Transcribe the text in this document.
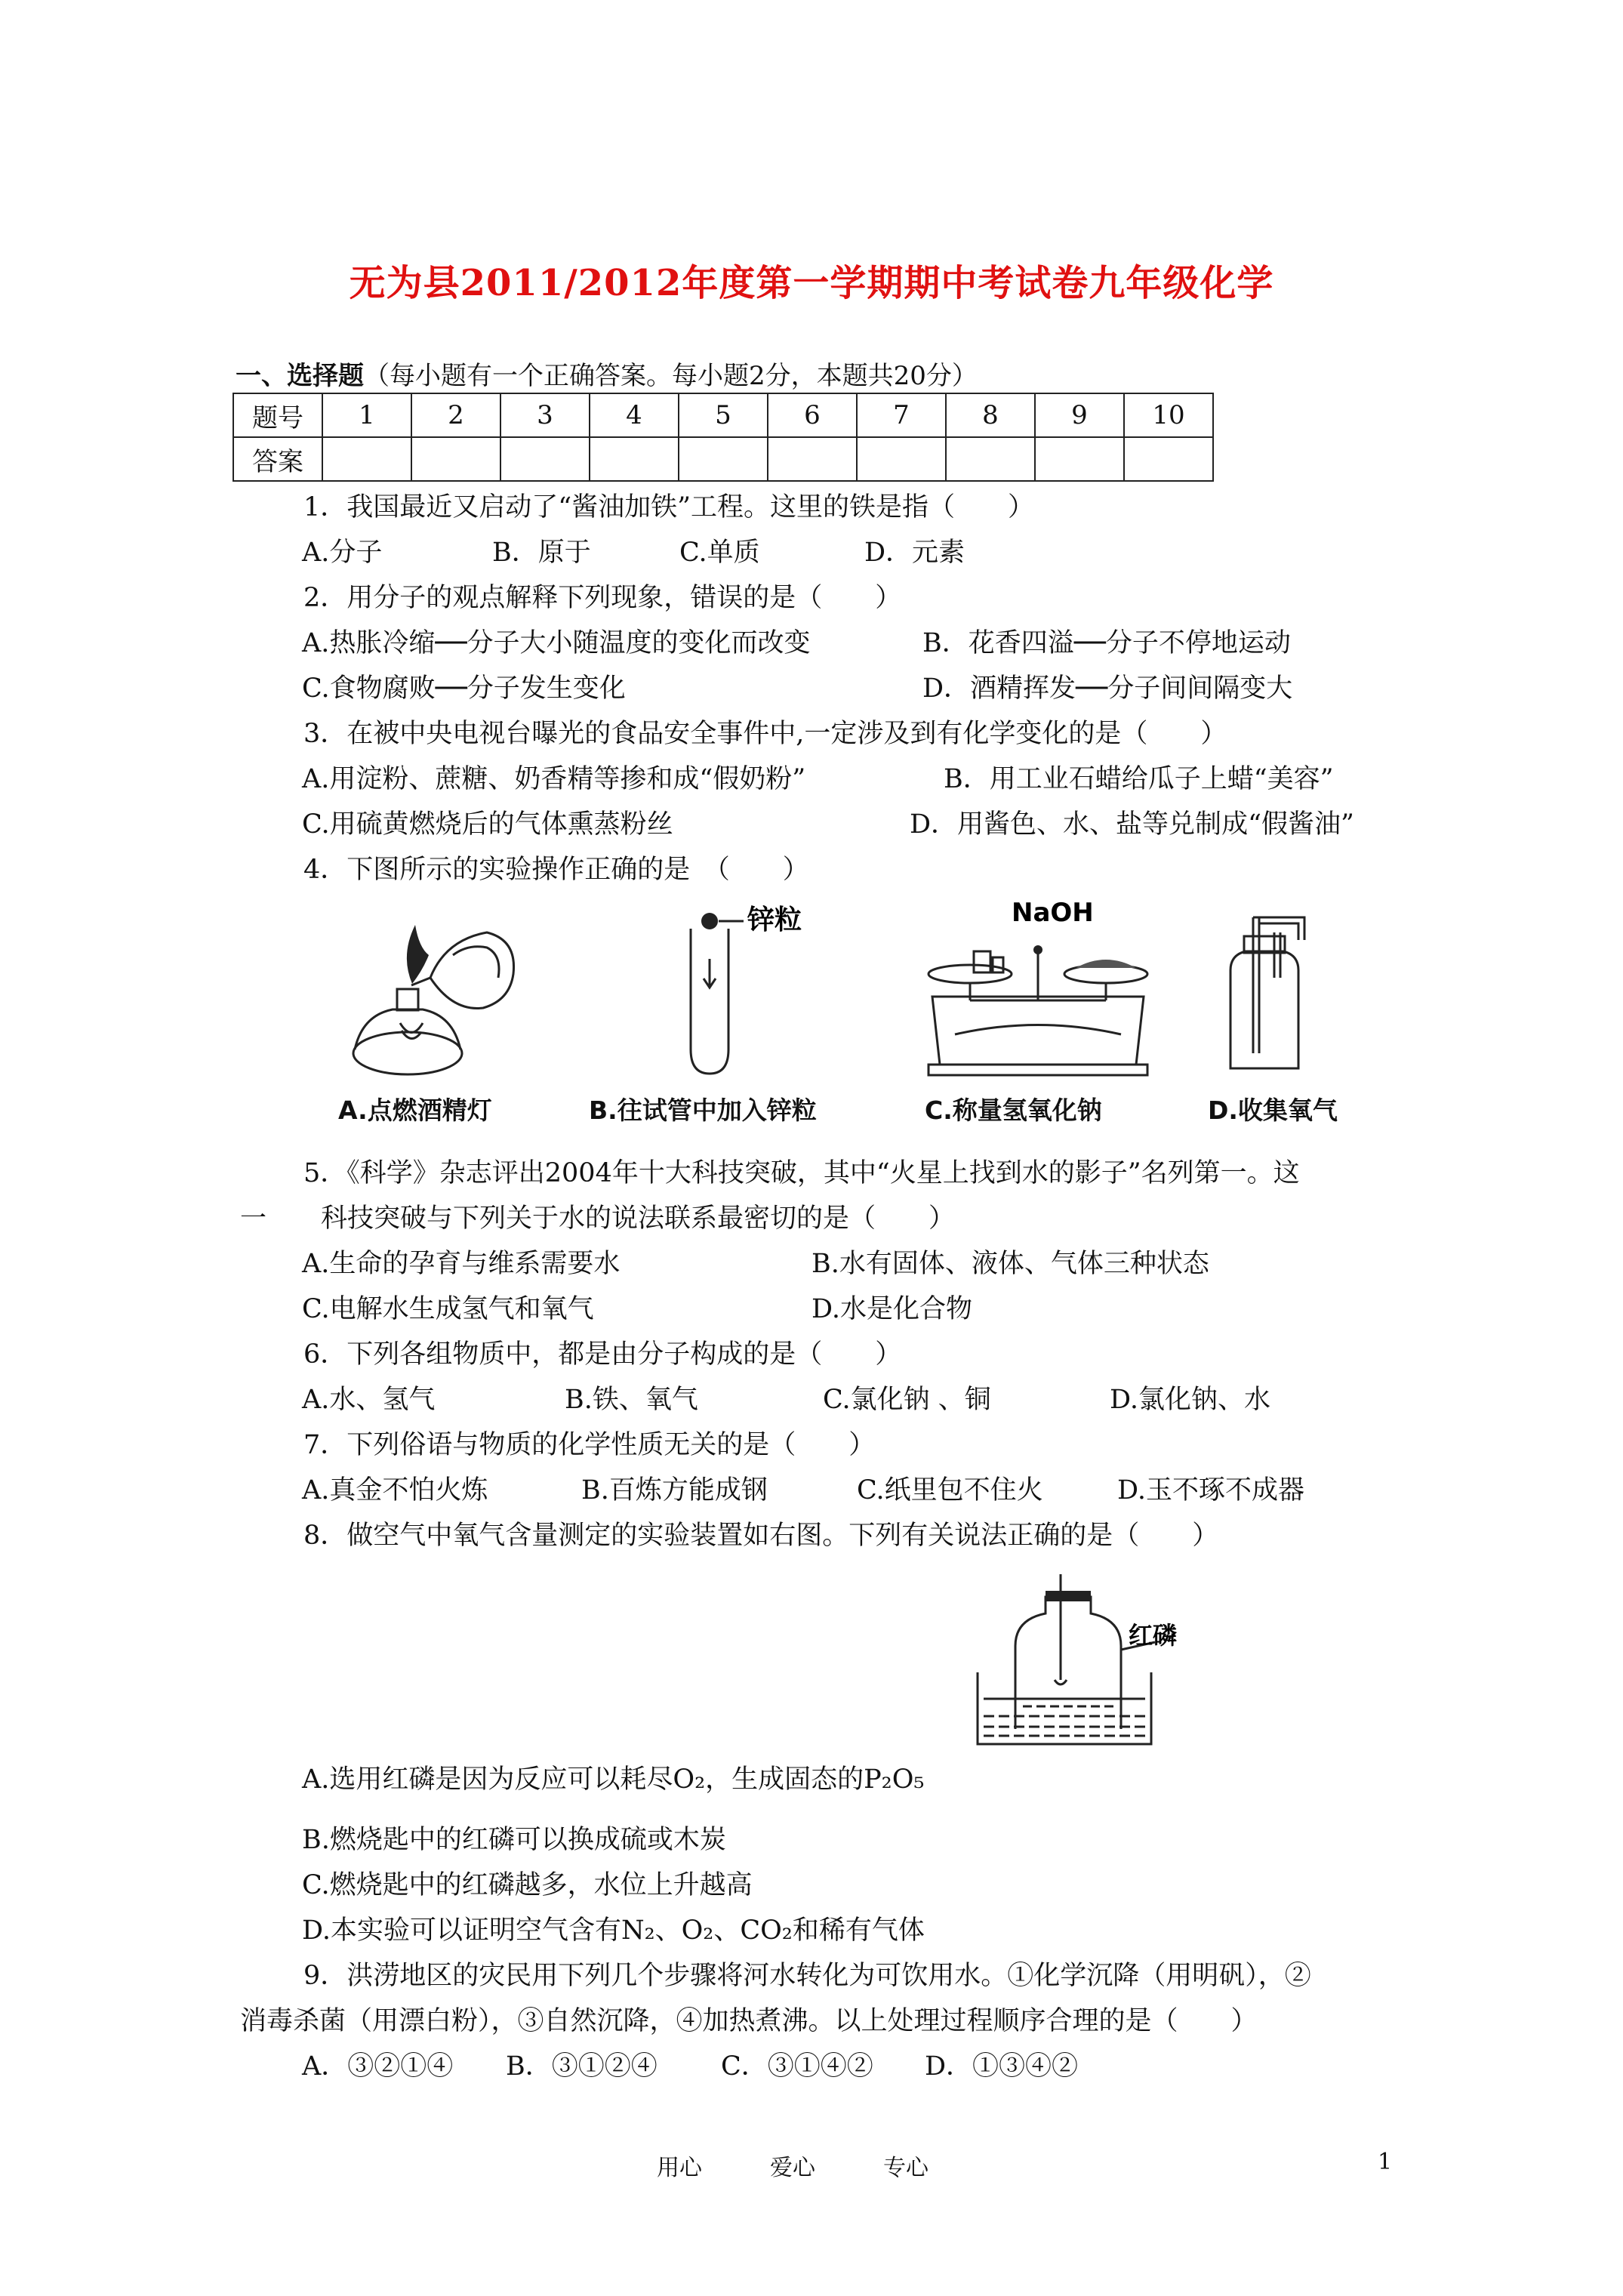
无为县2011/2012年度第一学期期中考试卷九年级化学
一、选择题（每小题有一个正确答案。每小题2分，本题共20分）
题号	1	2	3	4	5	6	7	8	9	10
答案										
1．我国最近又启动了“酱油加铁”工程。这里的铁是指（　　）
A.分子	B．原于	C.单质	D．元素
2．用分子的观点解释下列现象，错误的是（　　）
A.热胀冷缩──分子大小随温度的变化而改变	B．花香四溢──分子不停地运动
C.食物腐败──分子发生变化	D．酒精挥发──分子间间隔变大
3．在被中央电视台曝光的食品安全事件中,一定涉及到有化学变化的是（　　）
A.用淀粉、蔗糖、奶香精等掺和成“假奶粉”	B．用工业石蜡给瓜子上蜡“美容”
C.用硫黄燃烧后的气体熏蒸粉丝	D．用酱色、水、盐等兑制成“假酱油”
4．下图所示的实验操作正确的是　（　　）
锌粒	NaOH
A.点燃酒精灯	B.往试管中加入锌粒	C.称量氢氧化钠	D.收集氧气
5．《科学》杂志评出2004年十大科技突破，其中“火星上找到水的影子”名列第一。这
一 科技突破与下列关于水的说法联系最密切的是（　　）
A.生命的孕育与维系需要水	B.水有固体、液体、气体三种状态
C.电解水生成氢气和氧气	D.水是化合物
6．下列各组物质中，都是由分子构成的是（　　）
A.水、氢气	B.铁、氧气	C.氯化钠 、铜	D.氯化钠、水
7．下列俗语与物质的化学性质无关的是（　　）
A.真金不怕火炼	B.百炼方能成钢	C.纸里包不住火	D.玉不琢不成器
8．做空气中氧气含量测定的实验装置如右图。下列有关说法正确的是（　　）
红磷
A.选用红磷是因为反应可以耗尽O₂，生成固态的P₂O₅
B.燃烧匙中的红磷可以换成硫或木炭
C.燃烧匙中的红磷越多，水位上升越高
D.本实验可以证明空气含有N₂、O₂、CO₂和稀有气体
9．洪涝地区的灾民用下列几个步骤将河水转化为可饮用水。①化学沉降（用明矾），②
消毒杀菌（用漂白粉），③自然沉降，④加热煮沸。以上处理过程顺序合理的是（　　）
A．③②①④ B．③①②④ C．③①④② D．①③④②
用心	爱心	专心	1
